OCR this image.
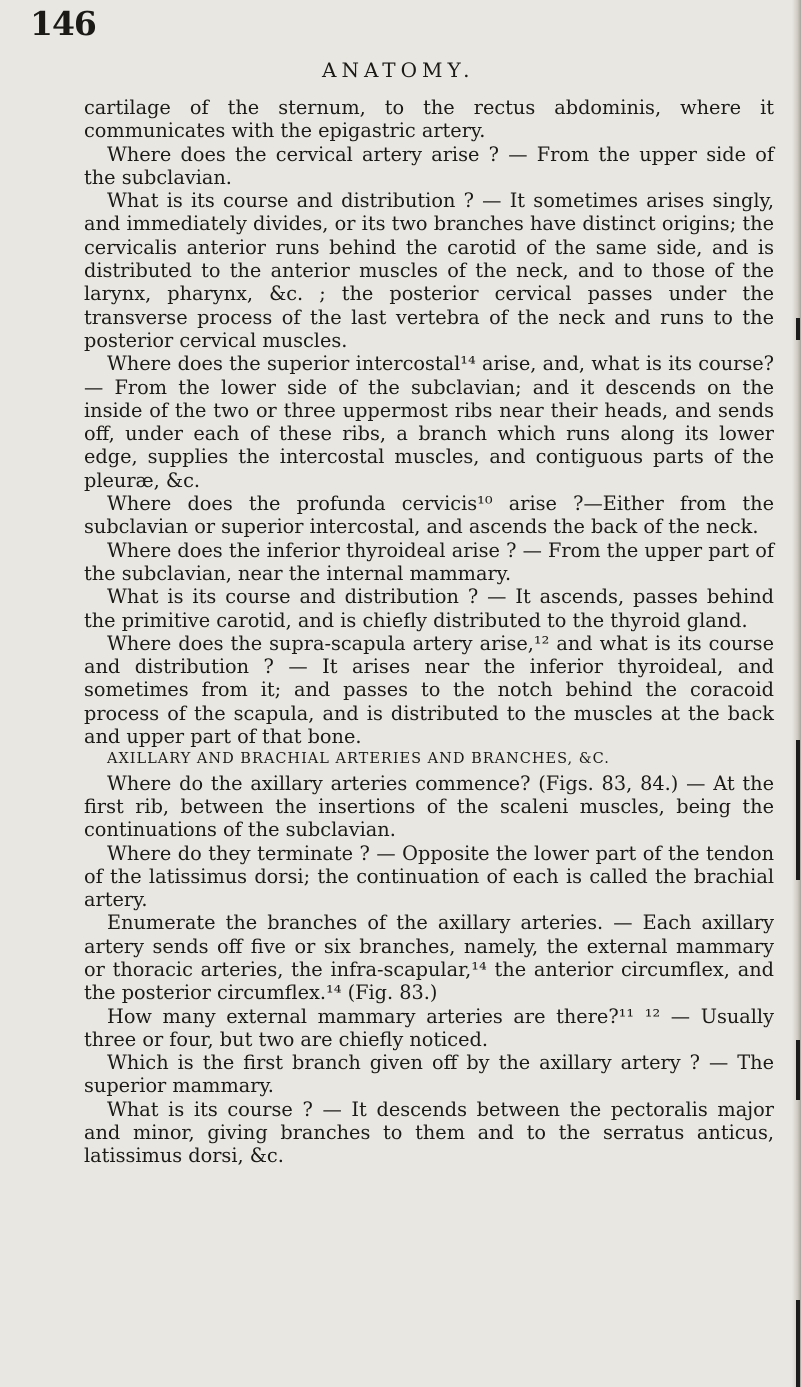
146
ANATOMY.

cartilage of the sternum, to the rectus abdominis, where it communicates with the epigastric artery.

Where does the cervical artery arise ? — From the upper side of the subclavian.

What is its course and distribution ? — It sometimes arises singly, and immediately divides, or its two branches have distinct origins; the cervicalis anterior runs behind the carotid of the same side, and is distributed to the anterior muscles of the neck, and to those of the larynx, pharynx, &c. ; the posterior cervical passes under the transverse process of the last vertebra of the neck and runs to the posterior cervical muscles.

Where does the superior intercostal¹⁴ arise, and, what is its course? — From the lower side of the subclavian; and it descends on the inside of the two or three uppermost ribs near their heads, and sends off, under each of these ribs, a branch which runs along its lower edge, supplies the intercostal muscles, and contiguous parts of the pleuræ, &c.

Where does the profunda cervicis¹⁰ arise ?—Either from the subclavian or superior intercostal, and ascends the back of the neck.

Where does the inferior thyroideal arise ? — From the upper part of the subclavian, near the internal mammary.

What is its course and distribution ? — It ascends, passes behind the primitive carotid, and is chiefly distributed to the thyroid gland.

Where does the supra-scapula artery arise,¹² and what is its course and distribution ? — It arises near the inferior thyroideal, and sometimes from it; and passes to the notch behind the coracoid process of the scapula, and is distributed to the muscles at the back and upper part of that bone.

AXILLARY AND BRACHIAL ARTERIES AND BRANCHES, &C.

Where do the axillary arteries commence? (Figs. 83, 84.) — At the first rib, between the insertions of the scaleni muscles, being the continuations of the subclavian.

Where do they terminate ? — Opposite the lower part of the tendon of the latissimus dorsi; the continuation of each is called the brachial artery.

Enumerate the branches of the axillary arteries. — Each axillary artery sends off five or six branches, namely, the external mammary or thoracic arteries, the infra-scapular,¹⁴ the anterior circumflex, and the posterior circumflex.¹⁴ (Fig. 83.)

How many external mammary arteries are there?¹¹ ¹² — Usually three or four, but two are chiefly noticed.

Which is the first branch given off by the axillary artery ? — The superior mammary.

What is its course ? — It descends between the pectoralis major and minor, giving branches to them and to the serratus anticus, latissimus dorsi, &c.
